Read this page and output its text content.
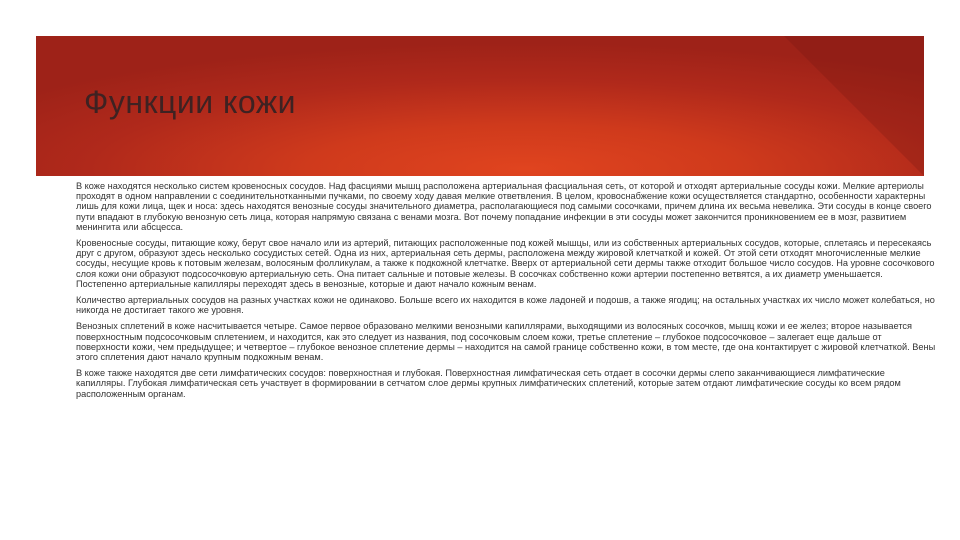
Функции кожи

В коже находятся несколько систем кровеносных сосудов. Над фасциями мышц расположена артериальная фасциальная сеть, от которой и отходят артериальные сосуды кожи. Мелкие артериолы проходят в одном направлении с соединительнотканными пучками, по своему ходу давая мелкие ответвления. В целом, кровоснабжение кожи осуществляется стандартно, особенности характерны лишь для кожи лица, щек и носа: здесь находятся венозные сосуды значительного диаметра, располагающиеся под самыми сосочками, причем длина их весьма невелика. Эти сосуды в конце своего пути впадают в глубокую венозную сеть лица, которая напрямую связана с венами мозга. Вот почему попадание инфекции в эти сосуды может закончится проникновением ее в мозг, развитием менингита или абсцесса.

Кровеносные сосуды, питающие кожу, берут свое начало или из артерий, питающих расположенные под кожей мышцы, или из собственных артериальных сосудов, которые, сплетаясь и пересекаясь друг с другом, образуют здесь несколько сосудистых сетей. Одна из них, артериальная сеть дермы, расположена между жировой клетчаткой и кожей. От этой сети отходят многочисленные мелкие сосуды, несущие кровь к потовым железам, волосяным фолликулам, а также к подкожной клетчатке. Вверх от артериальной сети дермы также отходит большое число сосудов. На уровне сосочкового слоя кожи они образуют подсосочковую артериальную сеть. Она питает сальные и потовые железы. В сосочках собственно кожи артерии постепенно ветвятся, а их диаметр уменьшается. Постепенно артериальные капилляры переходят здесь в венозные, которые и дают начало кожным венам.

Количество артериальных сосудов на разных участках кожи не одинаково. Больше всего их находится в коже ладоней и подошв, а также ягодиц; на остальных участках их число может колебаться, но никогда не достигает такого же уровня.

Венозных сплетений в коже насчитывается четыре. Самое первое образовано мелкими венозными капиллярами, выходящими из волосяных сосочков, мышц кожи и ее желез; второе называется поверхностным подсосочковым сплетением, и находится, как это следует из названия, под сосочковым слоем кожи, третье сплетение – глубокое подсосочковое – залегает еще дальше от поверхности кожи, чем предыдущее; и четвертое – глубокое венозное сплетение дермы – находится на самой границе собственно кожи, в том месте, где она контактирует с жировой клетчаткой. Вены этого сплетения дают начало крупным подкожным венам.

В коже также находятся две сети лимфатических сосудов: поверхностная и глубокая. Поверхностная лимфатическая сеть отдает в сосочки дермы слепо заканчивающиеся лимфатические капилляры. Глубокая лимфатическая сеть участвует в формировании в сетчатом слое дермы крупных лимфатических сплетений, которые затем отдают лимфатические сосуды ко всем рядом расположенным органам.
